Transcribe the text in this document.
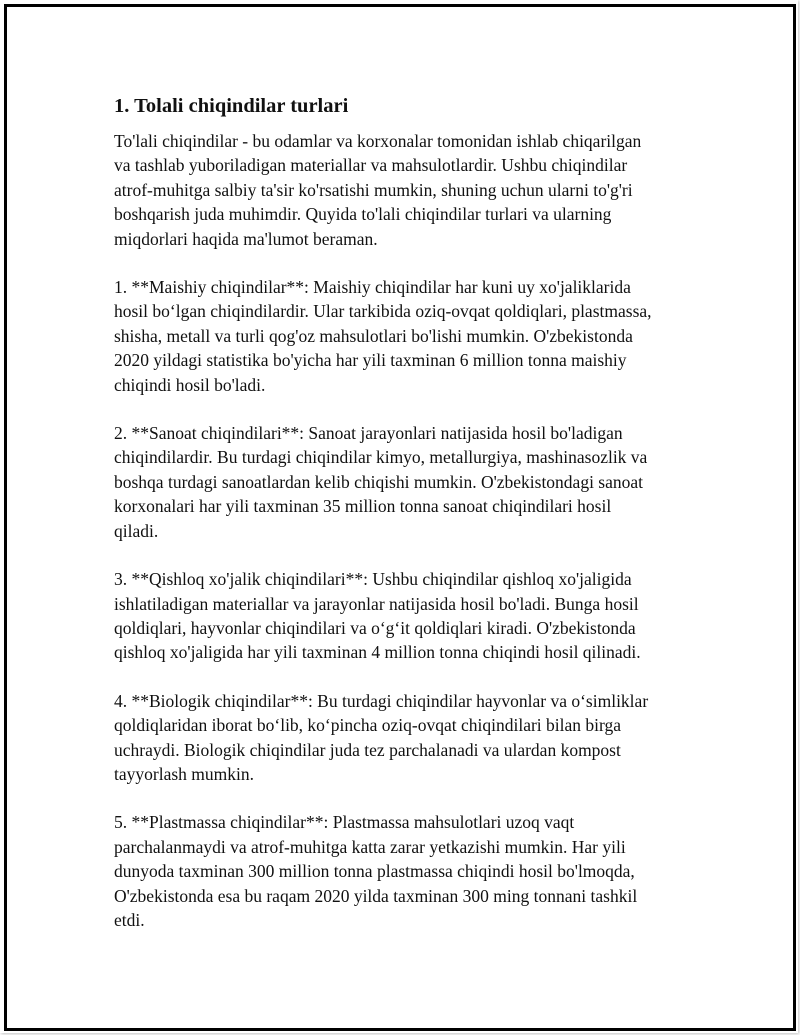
1. Tolali chiqindilar turlari

To'lali chiqindilar - bu odamlar va korxonalar tomonidan ishlab chiqarilgan
va tashlab yuboriladigan materiallar va mahsulotlardir. Ushbu chiqindilar
atrof-muhitga salbiy ta'sir ko'rsatishi mumkin, shuning uchun ularni to'g'ri
boshqarish juda muhimdir. Quyida to'lali chiqindilar turlari va ularning
miqdorlari haqida ma'lumot beraman.

1. **Maishiy chiqindilar**: Maishiy chiqindilar har kuni uy xo'jaliklarida
hosil bo‘lgan chiqindilardir. Ular tarkibida oziq-ovqat qoldiqlari, plastmassa,
shisha, metall va turli qog'oz mahsulotlari bo'lishi mumkin. O'zbekistonda
2020 yildagi statistika bo'yicha har yili taxminan 6 million tonna maishiy
chiqindi hosil bo'ladi.

2. **Sanoat chiqindilari**: Sanoat jarayonlari natijasida hosil bo'ladigan
chiqindilardir. Bu turdagi chiqindilar kimyo, metallurgiya, mashinasozlik va
boshqa turdagi sanoatlardan kelib chiqishi mumkin. O'zbekistondagi sanoat
korxonalari har yili taxminan 35 million tonna sanoat chiqindilari hosil
qiladi.

3. **Qishloq xo'jalik chiqindilari**: Ushbu chiqindilar qishloq xo'jaligida
ishlatiladigan materiallar va jarayonlar natijasida hosil bo'ladi. Bunga hosil
qoldiqlari, hayvonlar chiqindilari va o‘g‘it qoldiqlari kiradi. O'zbekistonda
qishloq xo'jaligida har yili taxminan 4 million tonna chiqindi hosil qilinadi.

4. **Biologik chiqindilar**: Bu turdagi chiqindilar hayvonlar va o‘simliklar
qoldiqlaridan iborat bo‘lib, ko‘pincha oziq-ovqat chiqindilari bilan birga
uchraydi. Biologik chiqindilar juda tez parchalanadi va ulardan kompost
tayyorlash mumkin.

5. **Plastmassa chiqindilar**: Plastmassa mahsulotlari uzoq vaqt
parchalanmaydi va atrof-muhitga katta zarar yetkazishi mumkin. Har yili
dunyoda taxminan 300 million tonna plastmassa chiqindi hosil bo'lmoqda,
O'zbekistonda esa bu raqam 2020 yilda taxminan 300 ming tonnani tashkil
etdi.
